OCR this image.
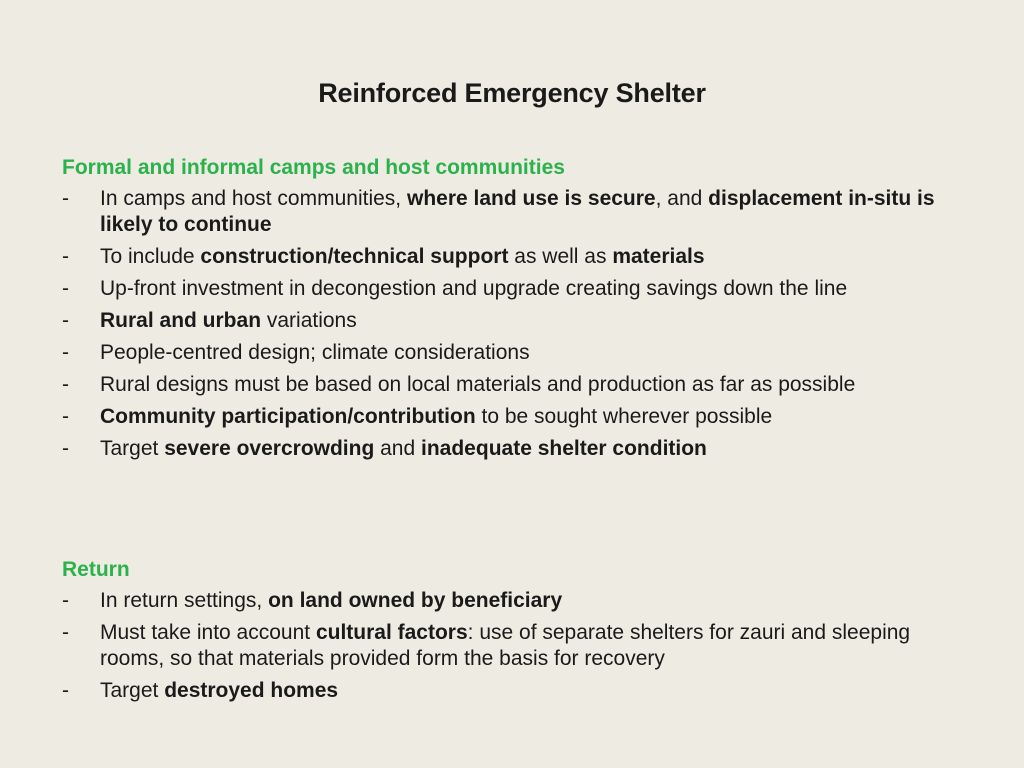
Reinforced Emergency Shelter
Formal and informal camps and host communities
- In camps and host communities, where land use is secure, and displacement in-situ is likely to continue
- To include construction/technical support as well as materials
- Up-front investment in decongestion and upgrade creating savings down the line
- Rural and urban variations
- People-centred design; climate considerations
- Rural designs must be based on local materials and production as far as possible
- Community participation/contribution to be sought wherever possible
- Target severe overcrowding and inadequate shelter condition
Return
- In return settings, on land owned by beneficiary
- Must take into account cultural factors: use of separate shelters for zauri and sleeping rooms, so that materials provided form the basis for recovery
- Target destroyed homes
